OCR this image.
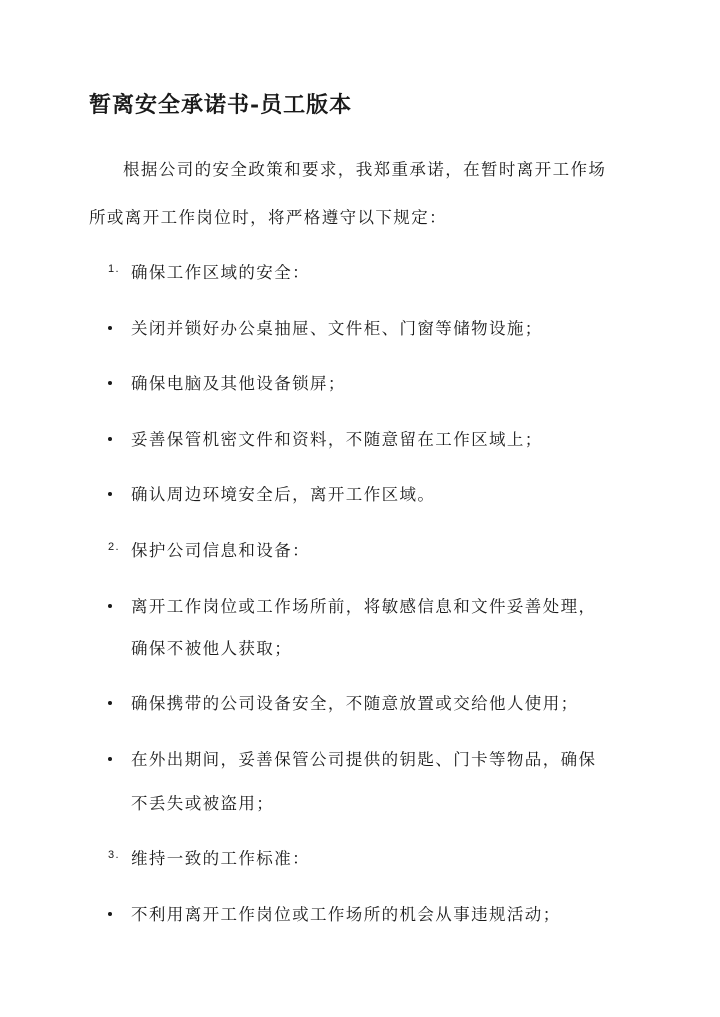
暂离安全承诺书-员工版本
根据公司的安全政策和要求，我郑重承诺，在暂时离开工作场
所或离开工作岗位时，将严格遵守以下规定：
1. 确保工作区域的安全：
关闭并锁好办公桌抽屉、文件柜、门窗等储物设施；
确保电脑及其他设备锁屏；
妥善保管机密文件和资料，不随意留在工作区域上；
确认周边环境安全后，离开工作区域。
2. 保护公司信息和设备：
离开工作岗位或工作场所前，将敏感信息和文件妥善处理，
确保不被他人获取；
确保携带的公司设备安全，不随意放置或交给他人使用；
在外出期间，妥善保管公司提供的钥匙、门卡等物品，确保
不丢失或被盗用；
3. 维持一致的工作标准：
不利用离开工作岗位或工作场所的机会从事违规活动；
